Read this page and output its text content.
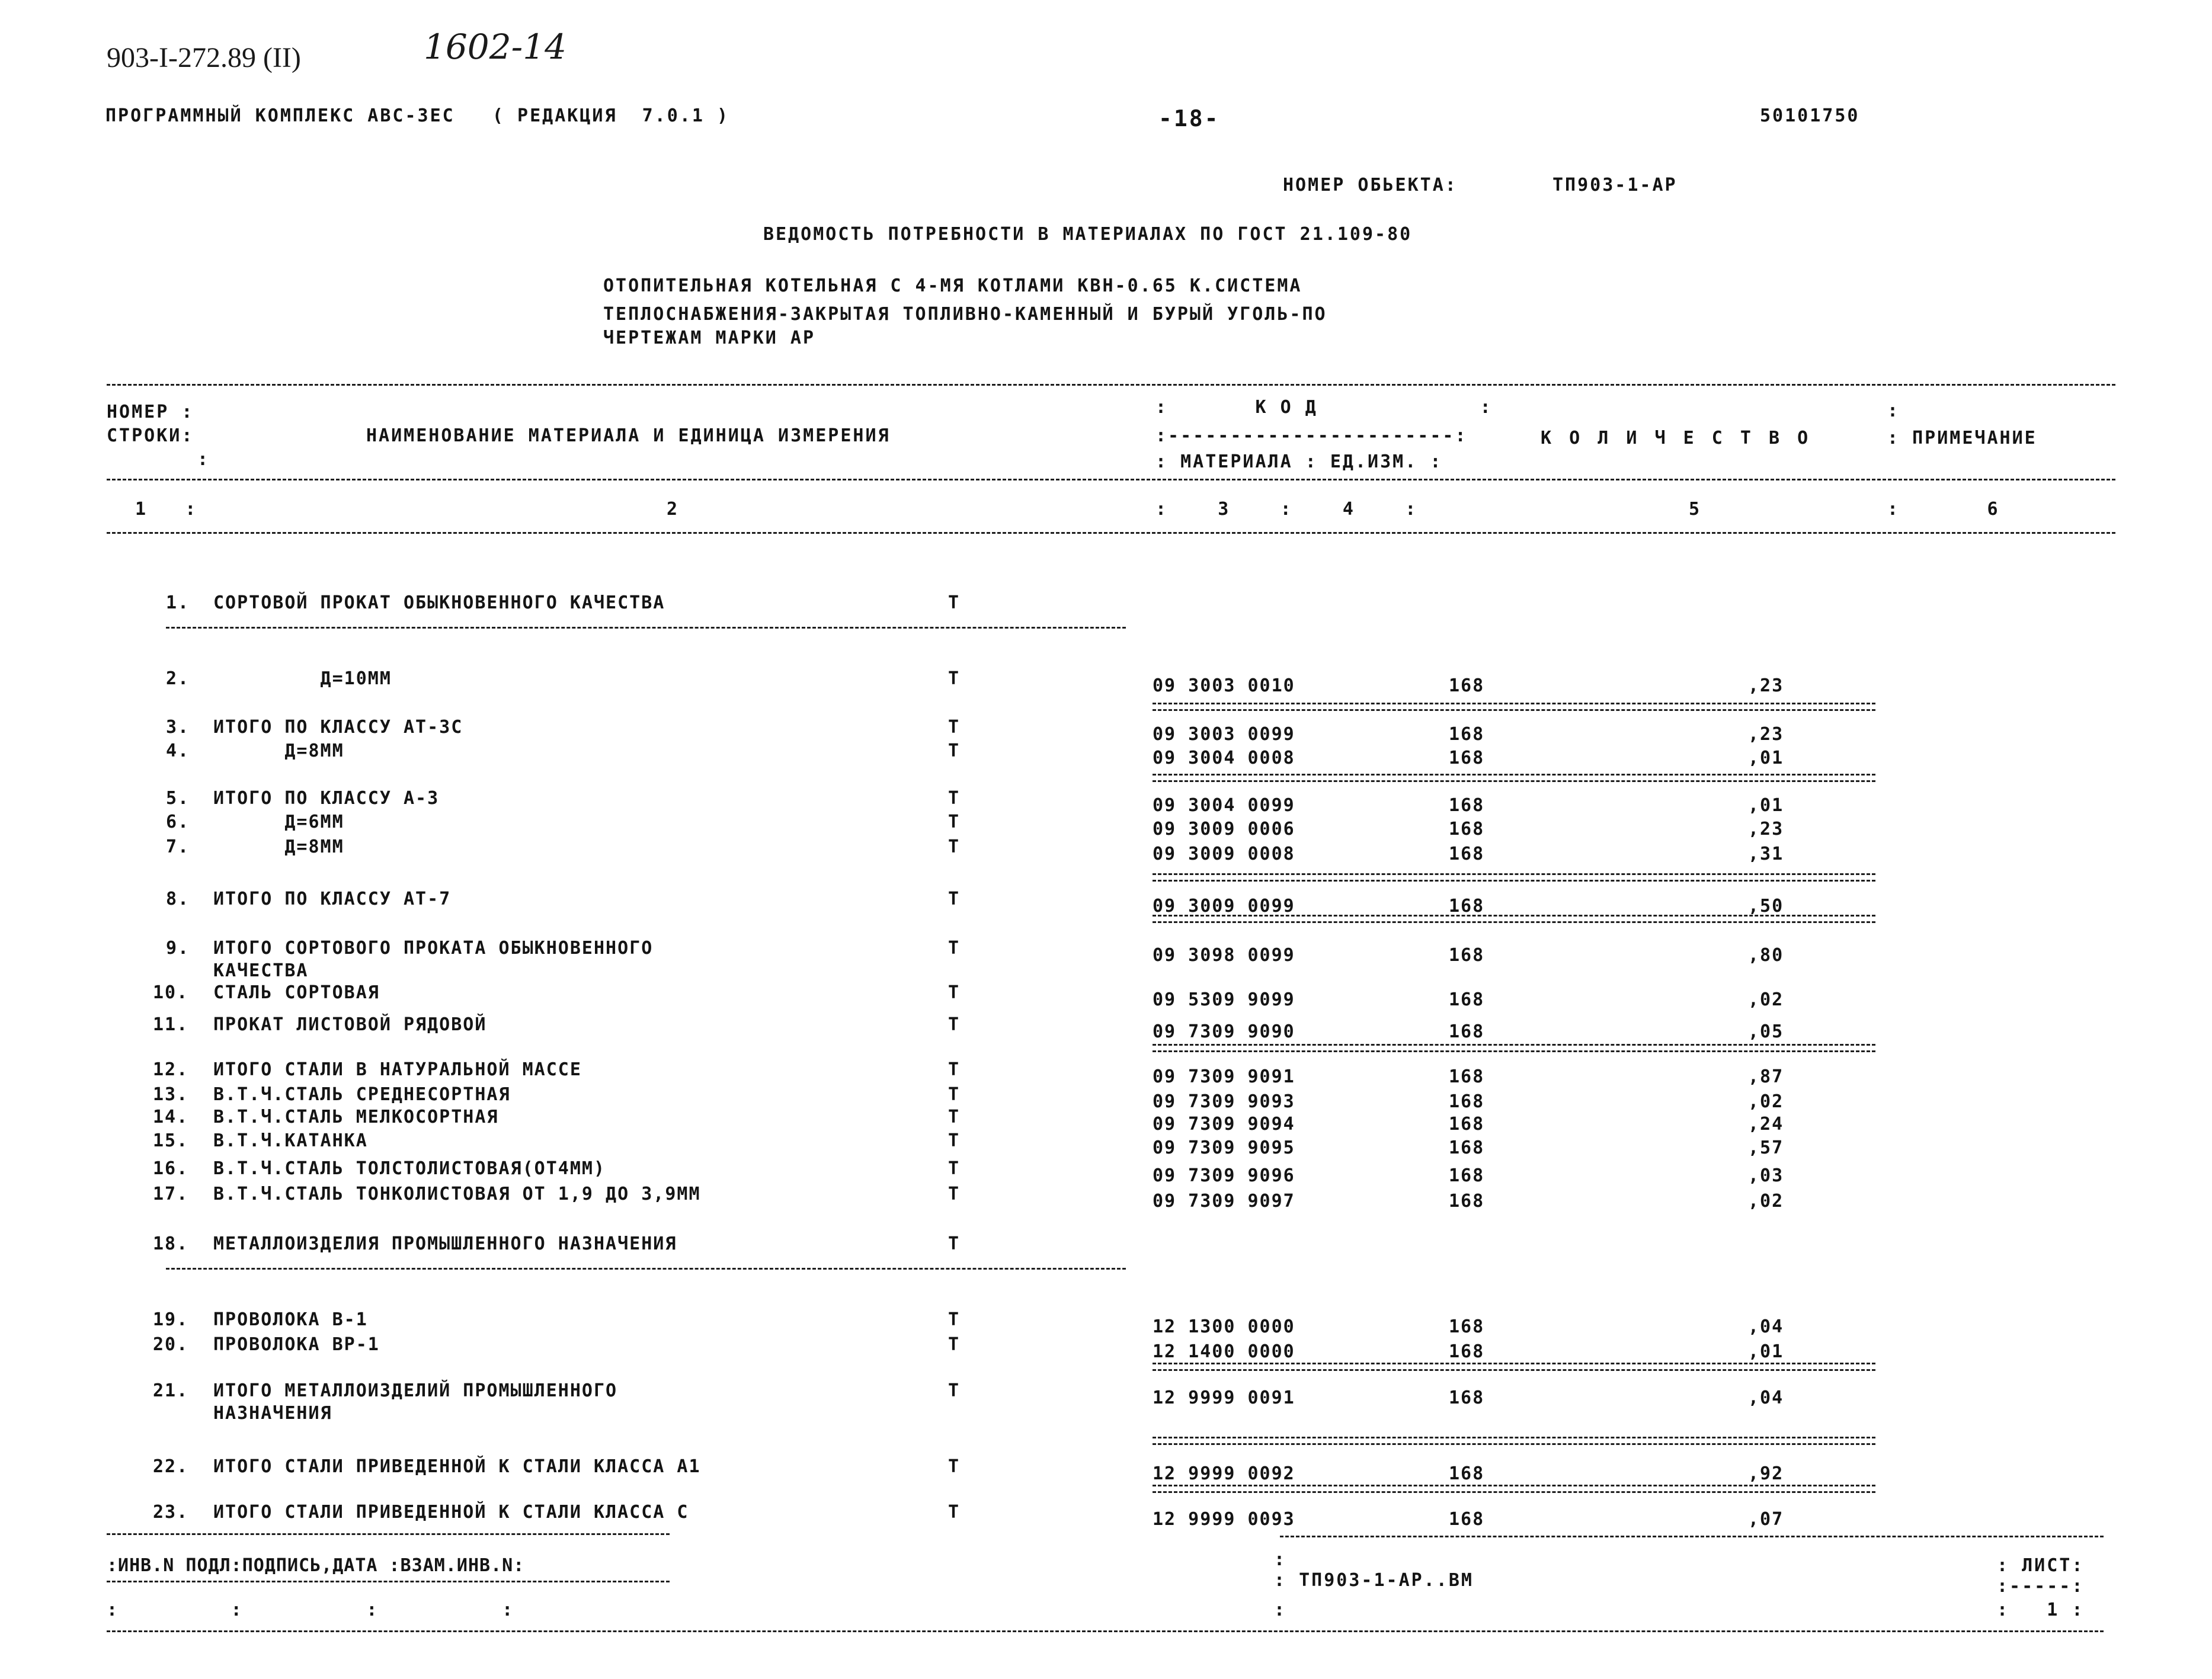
903-I-272.89 (II)	1602-14
ПРОГРАММНЫЙ КОМПЛЕКС АВС-ЗЕС   ( РЕДАКЦИЯ  7.0.1 )	-18-	50101750
НОМЕР ОБЬЕКТА:	ТП903-1-АР
ВЕДОМОСТЬ ПОТРЕБНОСТИ В МАТЕРИАЛАХ ПО ГОСТ 21.109-80
ОТОПИТЕЛЬНАЯ КОТЕЛЬНАЯ С 4-МЯ КОТЛАМИ КВН-0.65 К.СИСТЕМА
ТЕПЛОСНАБЖЕНИЯ-ЗАКРЫТАЯ ТОПЛИВНО-КАМЕННЫЙ И БУРЫЙ УГОЛЬ-ПО
ЧЕРТЕЖАМ МАРКИ АР
НОМЕР :
СТРОКИ:
:
НАИМЕНОВАНИЕ МАТЕРИАЛА И ЕДИНИЦА ИЗМЕРЕНИЯ
:       К О Д             :
:-----------------------:
: МАТЕРИАЛА : ЕД.ИЗМ. :
К О Л И Ч Е С Т В О
:
: ПРИМЕЧАНИЕ
1   :	2	:    3    :    4    :	5	:       6
1. СОРТОВОЙ ПРОКАТ ОБЫКНОВЕННОГО КАЧЕСТВА	Т
2. Д=10ММ	Т	09 3003 0010	168	,23
3. ИТОГО ПО КЛАССУ АТ-3С	Т	09 3003 0099	168	,23
4. Д=8ММ	Т	09 3004 0008	168	,01
5. ИТОГО ПО КЛАССУ А-3	Т	09 3004 0099	168	,01
6. Д=6ММ	Т	09 3009 0006	168	,23
7. Д=8ММ	Т	09 3009 0008	168	,31
8. ИТОГО ПО КЛАССУ АТ-7	Т	09 3009 0099	168	,50
9. ИТОГО СОРТОВОГО ПРОКАТА ОБЫКНОВЕННОГО
КАЧЕСТВА
Т	09 3098 0099	168	,80
10. СТАЛЬ СОРТОВАЯ	Т	09 5309 9099	168	,02
11. ПРОКАТ ЛИСТОВОЙ РЯДОВОЙ	Т	09 7309 9090	168	,05
12. ИТОГО СТАЛИ В НАТУРАЛЬНОЙ МАССЕ	Т	09 7309 9091	168	,87
13. В.Т.Ч.СТАЛЬ СРЕДНЕСОРТНАЯ	Т	09 7309 9093	168	,02
14. В.Т.Ч.СТАЛЬ МЕЛКОСОРТНАЯ	Т	09 7309 9094	168	,24
15. В.Т.Ч.КАТАНКА	Т	09 7309 9095	168	,57
16. В.Т.Ч.СТАЛЬ ТОЛСТОЛИСТОВАЯ(ОТ4ММ)	Т	09 7309 9096	168	,03
17. В.Т.Ч.СТАЛЬ ТОНКОЛИСТОВАЯ ОТ 1,9 ДО 3,9ММ	Т	09 7309 9097	168	,02
18. МЕТАЛЛОИЗДЕЛИЯ ПРОМЫШЛЕННОГО НАЗНАЧЕНИЯ	Т
19. ПРОВОЛОКА В-1	Т	12 1300 0000	168	,04
20. ПРОВОЛОКА ВР-1	Т	12 1400 0000	168	,01
21. ИТОГО МЕТАЛЛОИЗДЕЛИЙ ПРОМЫШЛЕННОГО
НАЗНАЧЕНИЯ
Т	12 9999 0091	168	,04
22. ИТОГО СТАЛИ ПРИВЕДЕННОЙ К СТАЛИ КЛАССА А1	Т	12 9999 0092	168	,92
23. ИТОГО СТАЛИ ПРИВЕДЕННОЙ К СТАЛИ КЛАССА С	Т	12 9999 0093	168	,07
:ИНВ.N ПОДЛ:ПОДПИСЬ,ДАТА :ВЗАМ.ИНВ.N:
:          :           :           :
:
: ТП903-1-АР..ВМ
:
: ЛИСТ:
:-----:
:   1 :
